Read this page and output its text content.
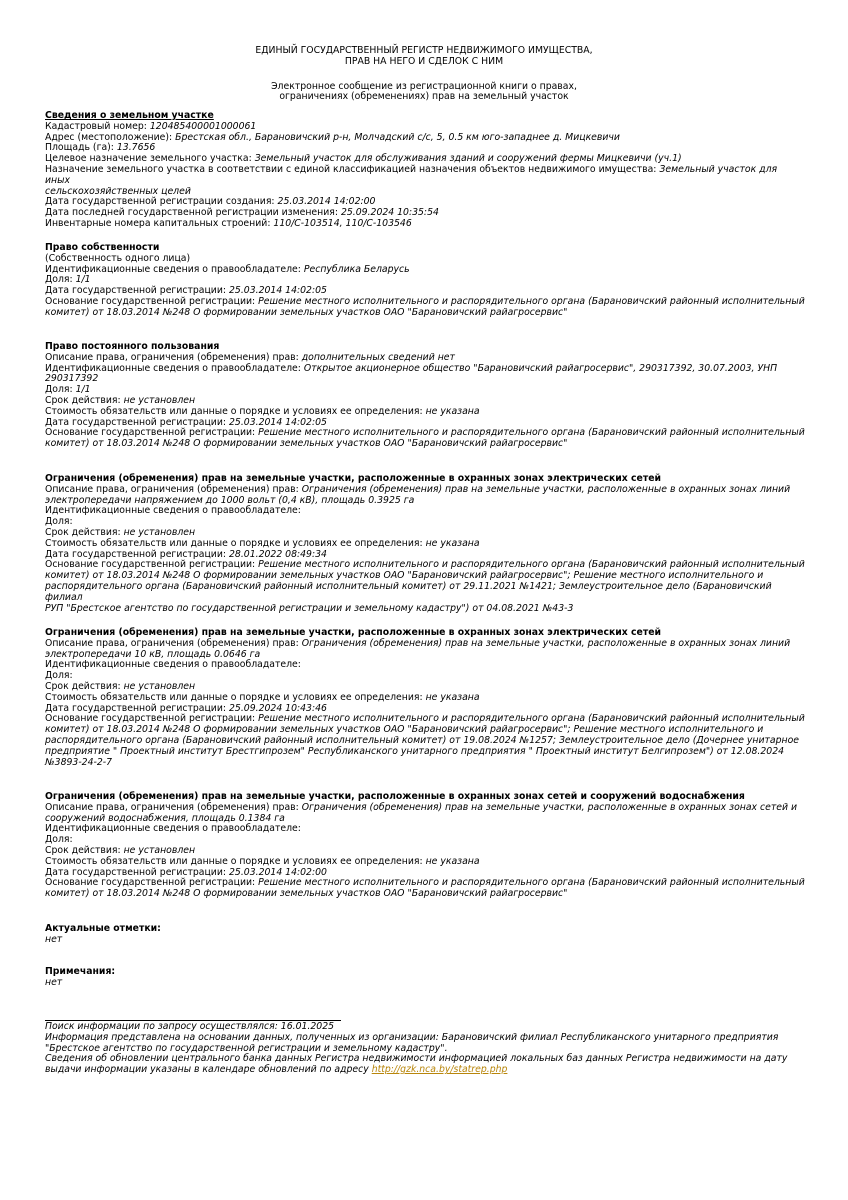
ЕДИНЫЙ ГОСУДАРСТВЕННЫЙ РЕГИСТР НЕДВИЖИМОГО ИМУЩЕСТВА,
ПРАВ НА НЕГО И СДЕЛОК С НИМ
Электронное сообщение из регистрационной книги о правах,
ограничениях (обременениях) прав на земельный участок
Сведения о земельном участке
Кадастровый номер: 120485400001000061
Адрес (местоположение): Брестская обл., Барановичский р-н, Молчадский с/с, 5, 0.5 км юго-западнее д. Мицкевичи
Площадь (га): 13.7656
Целевое назначение земельного участка: Земельный участок для обслуживания зданий и сооружений фермы Мицкевичи (уч.1)
Назначение земельного участка в соответствии с единой классификацией назначения объектов недвижимого имущества: Земельный участок для иных
сельскохозяйственных целей
Дата государственной регистрации создания: 25.03.2014 14:02:00
Дата последней государственной регистрации изменения: 25.09.2024 10:35:54
Инвентарные номера капитальных строений: 110/C-103514, 110/C-103546
Право собственности
(Собственность одного лица)
Идентификационные сведения о правообладателе: Республика Беларусь
Доля: 1/1
Дата государственной регистрации: 25.03.2014 14:02:05
Основание государственной регистрации: Решение местного исполнительного и распорядительного органа (Барановичский районный исполнительный
комитет) от 18.03.2014 №248 О формировании земельных участков ОАО "Барановичский райагросервис"
Право постоянного пользования
Описание права, ограничения (обременения) прав: дополнительных сведений нет
Идентификационные сведения о правообладателе: Открытое акционерное общество "Барановичский райагросервис", 290317392, 30.07.2003, УНП
290317392
Доля: 1/1
Срок действия: не установлен
Стоимость обязательств или данные о порядке и условиях ее определения: не указана
Дата государственной регистрации: 25.03.2014 14:02:05
Основание государственной регистрации: Решение местного исполнительного и распорядительного органа (Барановичский районный исполнительный
комитет) от 18.03.2014 №248 О формировании земельных участков ОАО "Барановичский райагросервис"
Ограничения (обременения) прав на земельные участки, расположенные в охранных зонах электрических сетей
Описание права, ограничения (обременения) прав: Ограничения (обременения) прав на земельные участки, расположенные в охранных зонах линий
электропередачи напряжением до 1000 вольт (0,4 кВ), площадь 0.3925 га
Идентификационные сведения о правообладателе:
Доля:
Срок действия: не установлен
Стоимость обязательств или данные о порядке и условиях ее определения: не указана
Дата государственной регистрации: 28.01.2022 08:49:34
Основание государственной регистрации: Решение местного исполнительного и распорядительного органа (Барановичский районный исполнительный
комитет) от 18.03.2014 №248 О формировании земельных участков ОАО "Барановичский райагросервис"; Решение местного исполнительного и
распорядительного органа (Барановичский районный исполнительный комитет) от 29.11.2021 №1421; Землеустроительное дело (Барановичский филиал
РУП "Брестское агентство по государственной регистрации и земельному кадастру") от 04.08.2021 №43-3
Ограничения (обременения) прав на земельные участки, расположенные в охранных зонах электрических сетей
Описание права, ограничения (обременения) прав: Ограничения (обременения) прав на земельные участки, расположенные в охранных зонах линий
электропередачи 10 кВ, площадь 0.0646 га
Идентификационные сведения о правообладателе:
Доля:
Срок действия: не установлен
Стоимость обязательств или данные о порядке и условиях ее определения: не указана
Дата государственной регистрации: 25.09.2024 10:43:46
Основание государственной регистрации: Решение местного исполнительного и распорядительного органа (Барановичский районный исполнительный
комитет) от 18.03.2014 №248 О формировании земельных участков ОАО "Барановичский райагросервис"; Решение местного исполнительного и
распорядительного органа (Барановичский районный исполнительный комитет) от 19.08.2024 №1257; Землеустроительное дело (Дочернее унитарное
предприятие " Проектный институт Брестгипрозем" Республиканского унитарного предприятия " Проектный институт Белгипрозем") от 12.08.2024
№3893-24-2-7
Ограничения (обременения) прав на земельные участки, расположенные в охранных зонах сетей и сооружений водоснабжения
Описание права, ограничения (обременения) прав: Ограничения (обременения) прав на земельные участки, расположенные в охранных зонах сетей и
сооружений водоснабжения, площадь 0.1384 га
Идентификационные сведения о правообладателе:
Доля:
Срок действия: не установлен
Стоимость обязательств или данные о порядке и условиях ее определения: не указана
Дата государственной регистрации: 25.03.2014 14:02:00
Основание государственной регистрации: Решение местного исполнительного и распорядительного органа (Барановичский районный исполнительный
комитет) от 18.03.2014 №248 О формировании земельных участков ОАО "Барановичский райагросервис"
Актуальные отметки:
нет
Примечания:
нет
Поиск информации по запросу осуществлялся: 16.01.2025
Информация представлена на основании данных, полученных из организации: Барановичский филиал Республиканского унитарного предприятия
"Брестское агентство по государственной регистрации и земельному кадастру".
Сведения об обновлении центрального банка данных Регистра недвижимости информацией локальных баз данных Регистра недвижимости на дату
выдачи информации указаны в календаре обновлений по адресу http://gzk.nca.by/statrep.php
